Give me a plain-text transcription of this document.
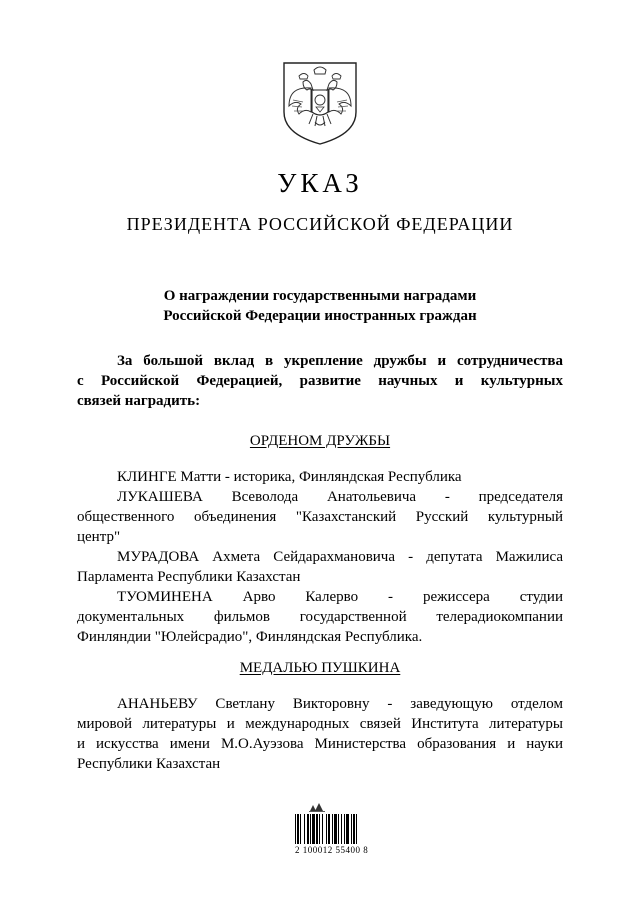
УКАЗ
ПРЕЗИДЕНТА РОССИЙСКОЙ ФЕДЕРАЦИИ
О награждении государственными наградами
Российской Федерации иностранных граждан
За большой вклад в укрепление дружбы и сотрудничества
с Российской Федерацией, развитие научных и культурных
связей наградить:
ОРДЕНОМ ДРУЖБЫ
КЛИНГЕ Матти - историка, Финляндская Республика
ЛУКАШЕВА Всеволода Анатольевича - председателя
общественного объединения "Казахстанский Русский культурный
центр"
МУРАДОВА Ахмета Сейдарахмановича - депутата Мажилиса
Парламента Республики Казахстан
ТУОМИНЕНА Арво Калерво - режиссера студии
документальных фильмов государственной телерадиокомпании
Финляндии "Юлейсрадио", Финляндская Республика.
МЕДАЛЬЮ ПУШКИНА
АНАНЬЕВУ Светлану Викторовну - заведующую отделом
мировой литературы и международных связей Института литературы
и искусства имени М.О.Ауэзова Министерства образования и науки
Республики Казахстан
2 100012 55400 8
